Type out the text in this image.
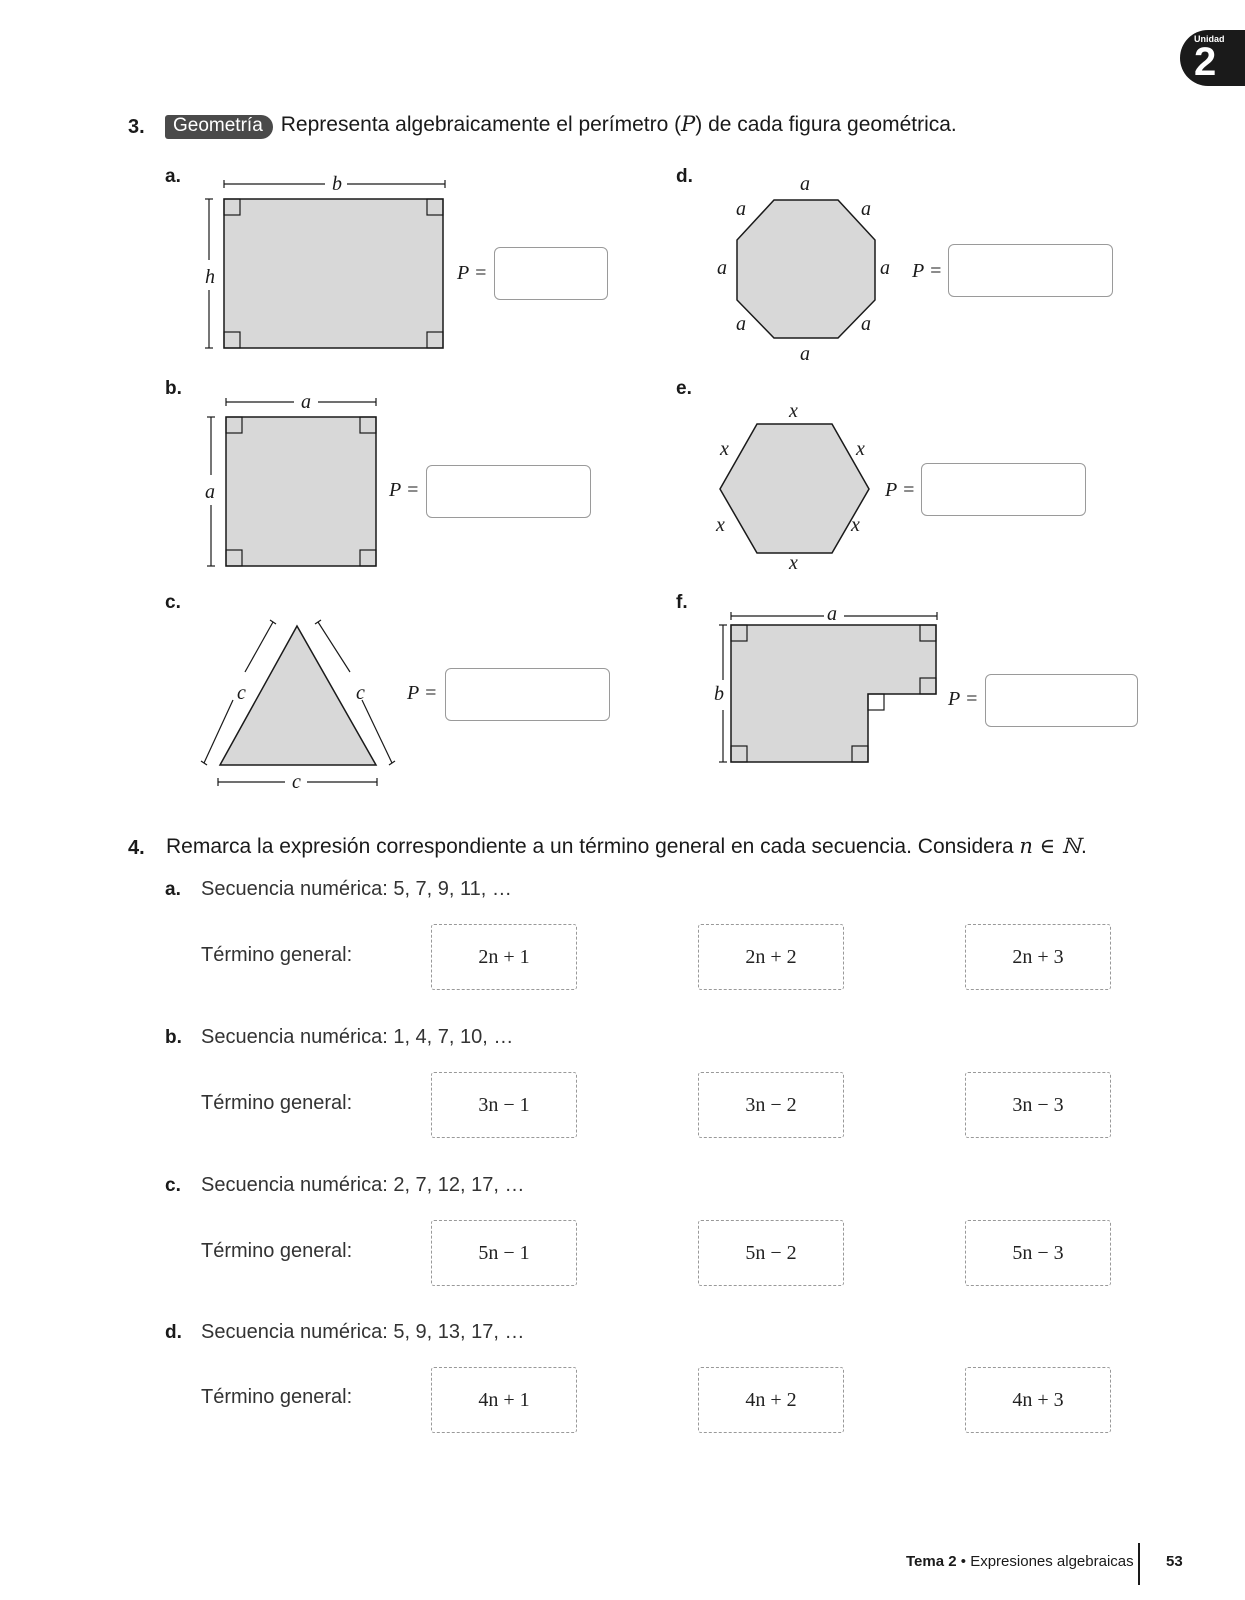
Unidad
2
3.	Geometría Representa algebraicamente el perímetro (P) de cada figura geométrica.
a.
b.
c.
d.
e.
f.
b
h
a
a
c	c
c
a
a	a
a	a
a	a
a
x
x	x
x	x
x
a
b
P =
P =
P =
P =
P =
P =
4. Remarca la expresión correspondiente a un término general en cada secuencia. Considera n ∈ ℕ.
a. Secuencia numérica: 5, 7, 9, 11, …
Término general:	2n + 1	2n + 2	2n + 3
b. Secuencia numérica: 1, 4, 7, 10, …
Término general:	3n − 1	3n − 2	3n − 3
c. Secuencia numérica: 2, 7, 12, 17, …
Término general:	5n − 1	5n − 2	5n − 3
d. Secuencia numérica: 5, 9, 13, 17, …
Término general:	4n + 1	4n + 2	4n + 3
Tema 2 • Expresiones algebraicas 53
